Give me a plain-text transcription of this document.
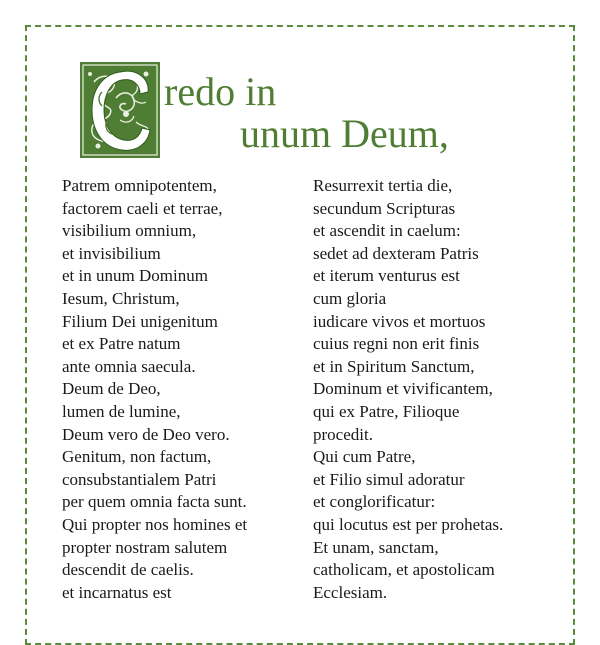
redo in
unum Deum,
Patrem omnipotentem,
factorem caeli et terrae,
visibilium omnium,
et invisibilium
et in unum Dominum
Iesum, Christum,
Filium Dei unigenitum
et ex Patre natum
ante omnia saecula.
Deum de Deo,
lumen de lumine,
Deum vero de Deo vero.
Genitum, non factum,
consubstantialem Patri
per quem omnia facta sunt.
Qui propter nos homines et
propter nostram salutem
descendit de caelis.
et incarnatus est
Resurrexit tertia die,
secundum Scripturas
et ascendit in caelum:
sedet ad dexteram Patris
et iterum venturus est
cum gloria
iudicare vivos et mortuos
cuius regni non erit finis
et in Spiritum Sanctum,
Dominum et vivificantem,
qui ex Patre, Filioque
procedit.
Qui cum Patre,
et Filio simul adoratur
et conglorificatur:
qui locutus est per prohetas.
Et unam, sanctam,
catholicam, et apostolicam
Ecclesiam.
